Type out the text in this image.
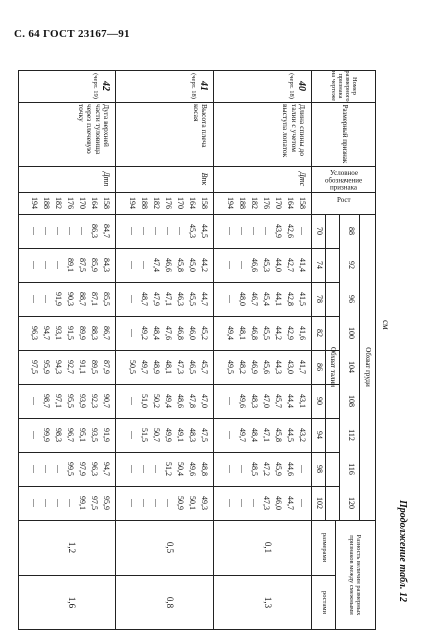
С. 64 ГОСТ 23167—91
Продолжение табл. 12
см
Номер размерного признака на чертеже
Размерный признак
Условное обозначение признака
Рост
Обхват груди
Обхват талии
Разность величин размерных признаков между смежными
размерами
ростами
88
92
96
100
104
108
112
116
120
70
74
78
82
86
90
94
98
102
40
(черт. 18)
Длина спины до талии с учетом выступа лопаток
Дтс
158
164
170
176
182
188
194
—
42,6
43,9
—
—
—
—
41,4
42,7
44,0
45,3
46,6
—
—
41,5
42,8
44,1
45,4
46,7
48,0
—
41,6
42,9
44,2
45,5
46,8
48,1
49,4
41,7
43,0
44,3
45,6
46,9
48,2
49,5
43,1
44,4
45,7
47,0
48,3
49,6
—
43,2
44,5
45,8
47,1
48,4
49,7
—
—
44,6
45,9
47,2
48,5
—
—
—
44,7
46,0
47,3
—
—
—
0,1
1,3
41
(черт. 18)
Высота плеча косая
Впк
158
164
170
176
182
188
194
44,5
45,3
—
—
—
—
—
44,2
45,0
45,8
46,6
47,4
—
—
44,7
45,5
46,3
47,1
47,9
48,7
—
45,2
46,0
46,8
47,6
48,4
49,2
—
45,7
46,5
47,3
48,1
48,9
49,7
50,5
47,0
47,8
48,6
49,4
50,2
51,0
—
47,5
48,3
49,1
49,9
50,7
51,5
—
48,8
49,6
50,4
51,2
—
—
—
49,3
50,1
50,9
—
—
—
—
0,5
0,8
42
(черт. 19)
Дуга верхней части туловища через плечевую точку
Дтп
158
164
170
176
182
188
194
84,7
86,3
—
—
—
—
—
84,3
85,9
87,5
89,1
—
—
—
85,5
87,1
88,7
90,3
91,9
—
—
86,7
88,3
89,9
91,5
93,1
94,7
96,3
87,9
89,5
91,1
92,7
94,3
95,9
97,5
90,7
92,3
93,9
95,5
97,1
98,7
—
91,9
93,5
95,1
96,7
98,3
99,9
—
94,7
96,3
97,9
99,5
—
—
—
95,9
97,5
99,1
—
—
—
—
1,2
1,6
